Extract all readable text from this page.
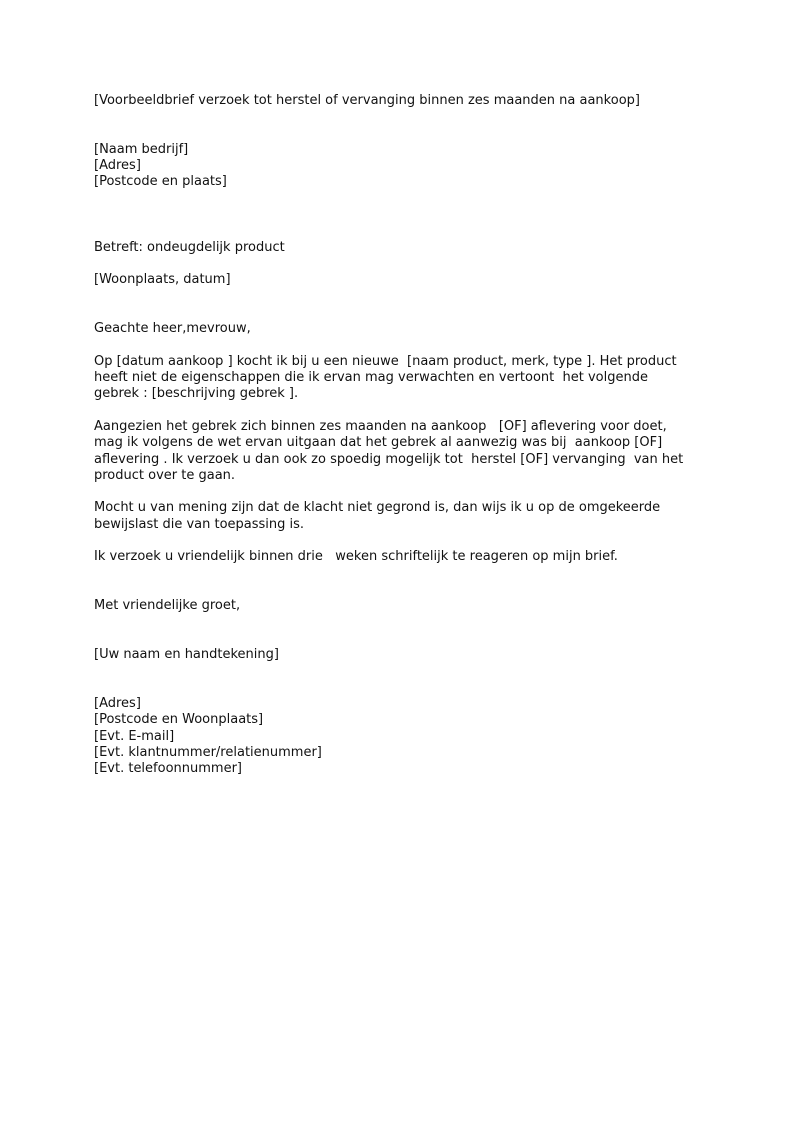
[Voorbeeldbrief verzoek tot herstel of vervanging binnen zes maanden na aankoop]
[Naam bedrijf]
[Adres]
[Postcode en plaats]
Betreft: ondeugdelijk product
[Woonplaats, datum]
Geachte heer,mevrouw,
Op [datum aankoop ] kocht ik bij u een nieuwe  [naam product, merk, type ]. Het product
heeft niet de eigenschappen die ik ervan mag verwachten en vertoont  het volgende
gebrek : [beschrijving gebrek ].
Aangezien het gebrek zich binnen zes maanden na aankoop   [OF] aflevering voor doet,
mag ik volgens de wet ervan uitgaan dat het gebrek al aanwezig was bij  aankoop [OF]
aflevering . Ik verzoek u dan ook zo spoedig mogelijk tot  herstel [OF] vervanging  van het
product over te gaan.
Mocht u van mening zijn dat de klacht niet gegrond is, dan wijs ik u op de omgekeerde
bewijslast die van toepassing is.
Ik verzoek u vriendelijk binnen drie   weken schriftelijk te reageren op mijn brief.
Met vriendelijke groet,
[Uw naam en handtekening]
[Adres]
[Postcode en Woonplaats]
[Evt. E-mail]
[Evt. klantnummer/relatienummer]
[Evt. telefoonnummer]
